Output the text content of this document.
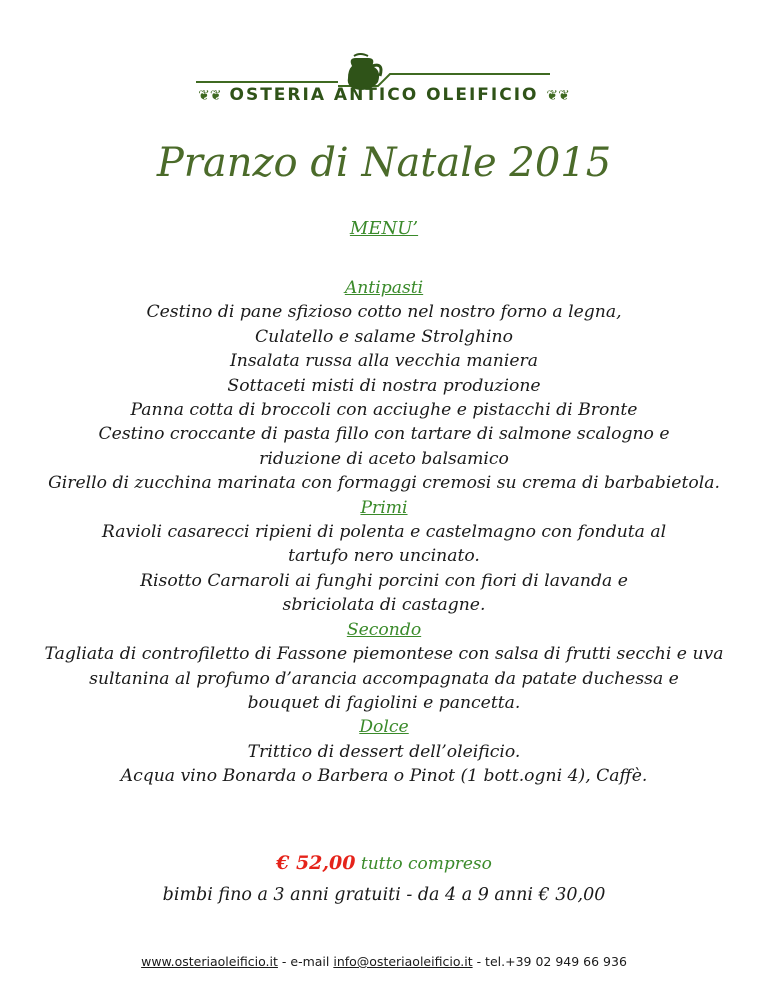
❦❦ OSTERIA ANTICO OLEIFICIO ❦❦
Pranzo di Natale 2015
MENU’
Antipasti
Cestino di pane sfizioso cotto nel nostro forno a legna,
Culatello e salame Strolghino
Insalata russa alla vecchia maniera
Sottaceti misti di nostra produzione
Panna cotta di broccoli con acciughe e pistacchi di Bronte
Cestino croccante di pasta fillo con tartare di salmone scalogno e
riduzione di aceto balsamico
Girello di zucchina marinata con formaggi cremosi su crema di barbabietola.
Primi
Ravioli casarecci ripieni di polenta e castelmagno con fonduta al
tartufo nero uncinato.
Risotto Carnaroli ai funghi porcini con fiori di lavanda e
sbriciolata di castagne.
Secondo
Tagliata di controfiletto di Fassone piemontese con salsa di frutti secchi e uva
sultanina al profumo d’arancia accompagnata da patate duchessa e
bouquet di fagiolini e pancetta.
Dolce
Trittico di dessert dell’oleificio.
Acqua vino Bonarda o Barbera o Pinot (1 bott.ogni 4), Caffè.
€ 52,00 tutto compreso
bimbi fino a 3 anni gratuiti - da 4 a 9 anni € 30,00
www.osteriaoleificio.it - e-mail info@osteriaoleificio.it - tel.+39 02 949 66 936
